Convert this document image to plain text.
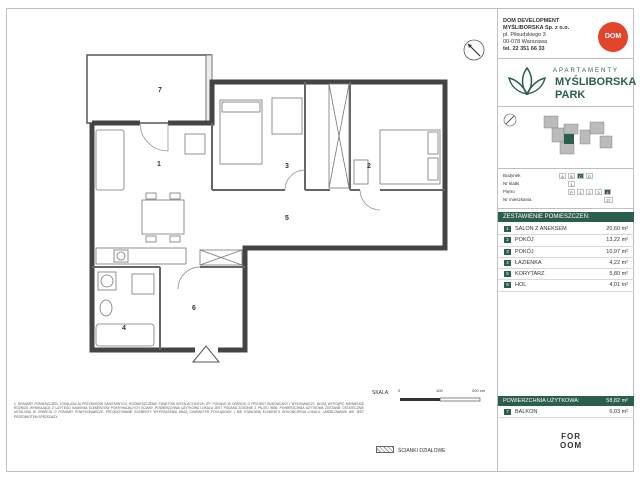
7
1	3	2
5
6
4
DOM DEVELOPMENT
MYŚLIBORSKA Sp. z o.o.
pl. Piłsudskiego 3
00-078 Warszawa
tel. 22 351 66 33
DOM
APARTAMENTY
MYŚLIBORSKA
PARK
Budynek	A	B	C	D
Nr klatki	1
Piętro	P	1	2	3	4
Nr mieszkania	27
ZESTAWIENIE POMIESZCZEŃ:
1	SALON Z ANEKSEM	20,60 m²
2	POKÓJ	13,22 m²
3	POKÓJ	10,97 m²
4	ŁAZIENKA	4,22 m²
5	KORYTARZ	5,80 m²
6	HOL	4,01 m²
POWIERZCHNIA UŻYTKOWA:	58,82 m²
7	BALKON	6,03 m²
FOR
OOM
1. WYMIARY POMIESZCZEŃ, LOKALIZACJA PRZYBORÓW SANITARNYCH, ROZMIESZCZENIE PUNKTÓW INSTALACYJNYCH ITP. PODANO W OPARCIU O PROJEKT BUDOWLANY I WYKONAWCZY. MOGĄ WYSTĄPIĆ NIEWIELKIE RÓŻNICE WYNIKAJĄCE Z UŻYTEGO KAMIENIA ELEMENTÓW POKRYWAJĄCYCH ŚCIANY. POWIERZCHNIA UŻYTKOWA LOKALU JEST PODANA ZGODNIE Z PN-ISO 9836. POWIERZCHNIA UŻYTKOWA ZOSTANIE OSTATECZNIE USTALONA W OPARCIU O POMIARY POWYKONAWCZE. PROJEKTOWANE ELEMENTY WYPOSAŻENIA MAJĄ CHARAKTER POGLĄDOWY I NIE STANOWIĄ ELEMENTU WYKOŃCZENIA LOKALU. UMEBLOWANIE NIE JEST PRZEDMIOTEM SPRZEDAŻY.
SKALA: 0	100	200 cm
ŚCIANKI DZIAŁOWE
